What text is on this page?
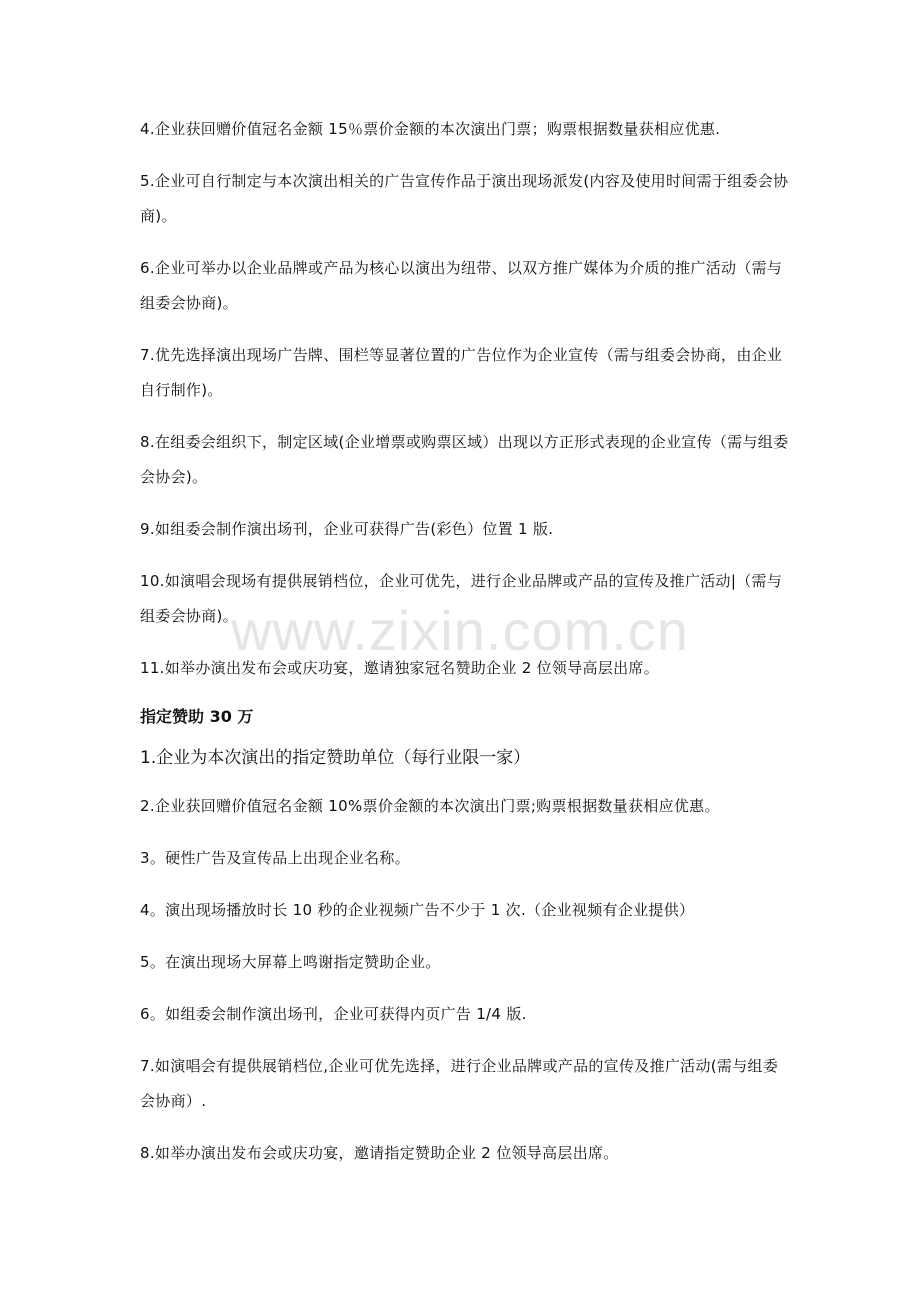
4.企业获回赠价值冠名金额 15％票价金额的本次演出门票；购票根据数量获相应优惠.

5.企业可自行制定与本次演出相关的广告宣传作品于演出现场派发(内容及使用时间需于组委会协商)。

6.企业可举办以企业品牌或产品为核心以演出为纽带、以双方推广媒体为介质的推广活动（需与组委会协商)。

7.优先选择演出现场广告牌、围栏等显著位置的广告位作为企业宣传（需与组委会协商，由企业自行制作)。

8.在组委会组织下，制定区域(企业增票或购票区域）出现以方正形式表现的企业宣传（需与组委会协会)。

9.如组委会制作演出场刊，企业可获得广告(彩色）位置 1 版.

10.如演唱会现场有提供展销档位，企业可优先，进行企业品牌或产品的宣传及推广活动|（需与组委会协商)。

11.如举办演出发布会或庆功宴，邀请独家冠名赞助企业 2 位领导高层出席。

指定赞助 30 万

1.企业为本次演出的指定赞助单位（每行业限一家）

2.企业获回赠价值冠名金额 10%票价金额的本次演出门票;购票根据数量获相应优惠。

3。硬性广告及宣传品上出现企业名称。

4。演出现场播放时长 10 秒的企业视频广告不少于 1 次.（企业视频有企业提供）

5。在演出现场大屏幕上鸣谢指定赞助企业。

6。如组委会制作演出场刊，企业可获得内页广告 1/4 版.

7.如演唱会有提供展销档位,企业可优先选择，进行企业品牌或产品的宣传及推广活动(需与组委会协商）.

8.如举办演出发布会或庆功宴，邀请指定赞助企业 2 位领导高层出席。

www.zixin.com.cn
